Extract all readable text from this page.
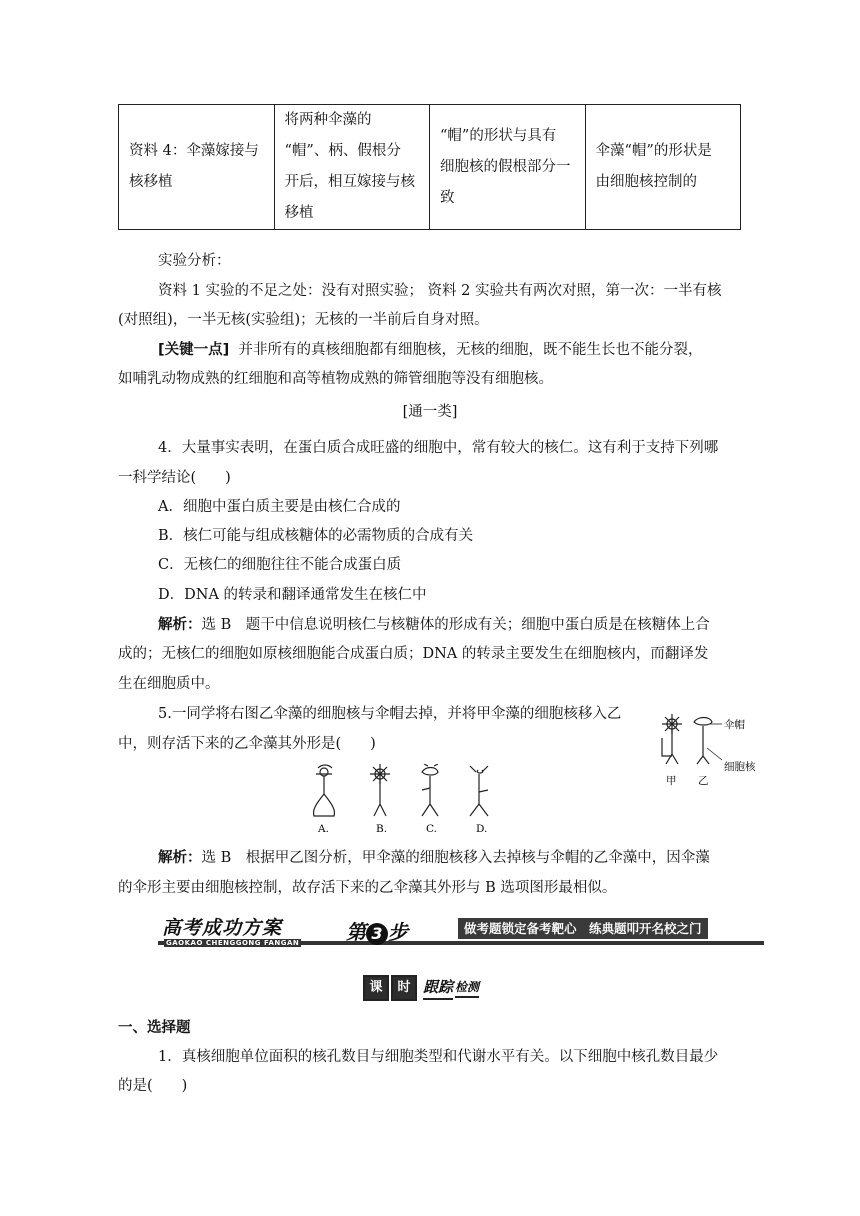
资料 4：伞藻嫁接与
核移植

将两种伞藻的
“帽”、柄、假根分
开后，相互嫁接与核
移植

“帽”的形状与具有
细胞核的假根部分一
致

伞藻“帽”的形状是
由细胞核控制的
实验分析：
资料 1 实验的不足之处：没有对照实验； 资料 2 实验共有两次对照，第一次：一半有核
(对照组)，一半无核(实验组)；无核的一半前后自身对照。
[关键一点] 并非所有的真核细胞都有细胞核，无核的细胞，既不能生长也不能分裂，
如哺乳动物成熟的红细胞和高等植物成熟的筛管细胞等没有细胞核。
[通一类]
4．大量事实表明，在蛋白质合成旺盛的细胞中，常有较大的核仁。这有利于支持下列哪
一科学结论(　　)
A．细胞中蛋白质主要是由核仁合成的
B．核仁可能与组成核糖体的必需物质的合成有关
C．无核仁的细胞往往不能合成蛋白质
D．DNA 的转录和翻译通常发生在核仁中
解析：选 B　题干中信息说明核仁与核糖体的形成有关；细胞中蛋白质是在核糖体上合
成的；无核仁的细胞如原核细胞能合成蛋白质；DNA 的转录主要发生在细胞核内，而翻译发
生在细胞质中。
5.一同学将右图乙伞藻的细胞核与伞帽去掉，并将甲伞藻的细胞核移入乙
中，则存活下来的乙伞藻其外形是(　　)
伞帽
细胞核
甲 乙
A.	B.	C.	D.
解析：选 B　根据甲乙图分析，甲伞藻的细胞核移入去掉核与伞帽的乙伞藻中，因伞藻
的伞形主要由细胞核控制，故存活下来的乙伞藻其外形与 B 选项图形最相似。
高考成功方案
GAOKAO CHENGGONG FANGAN 第 3 步	做考题锁定备考靶心　练典题叩开名校之门
课	时 跟踪 检测
一、选择题
1．真核细胞单位面积的核孔数目与细胞类型和代谢水平有关。以下细胞中核孔数目最少
的是(　　)
